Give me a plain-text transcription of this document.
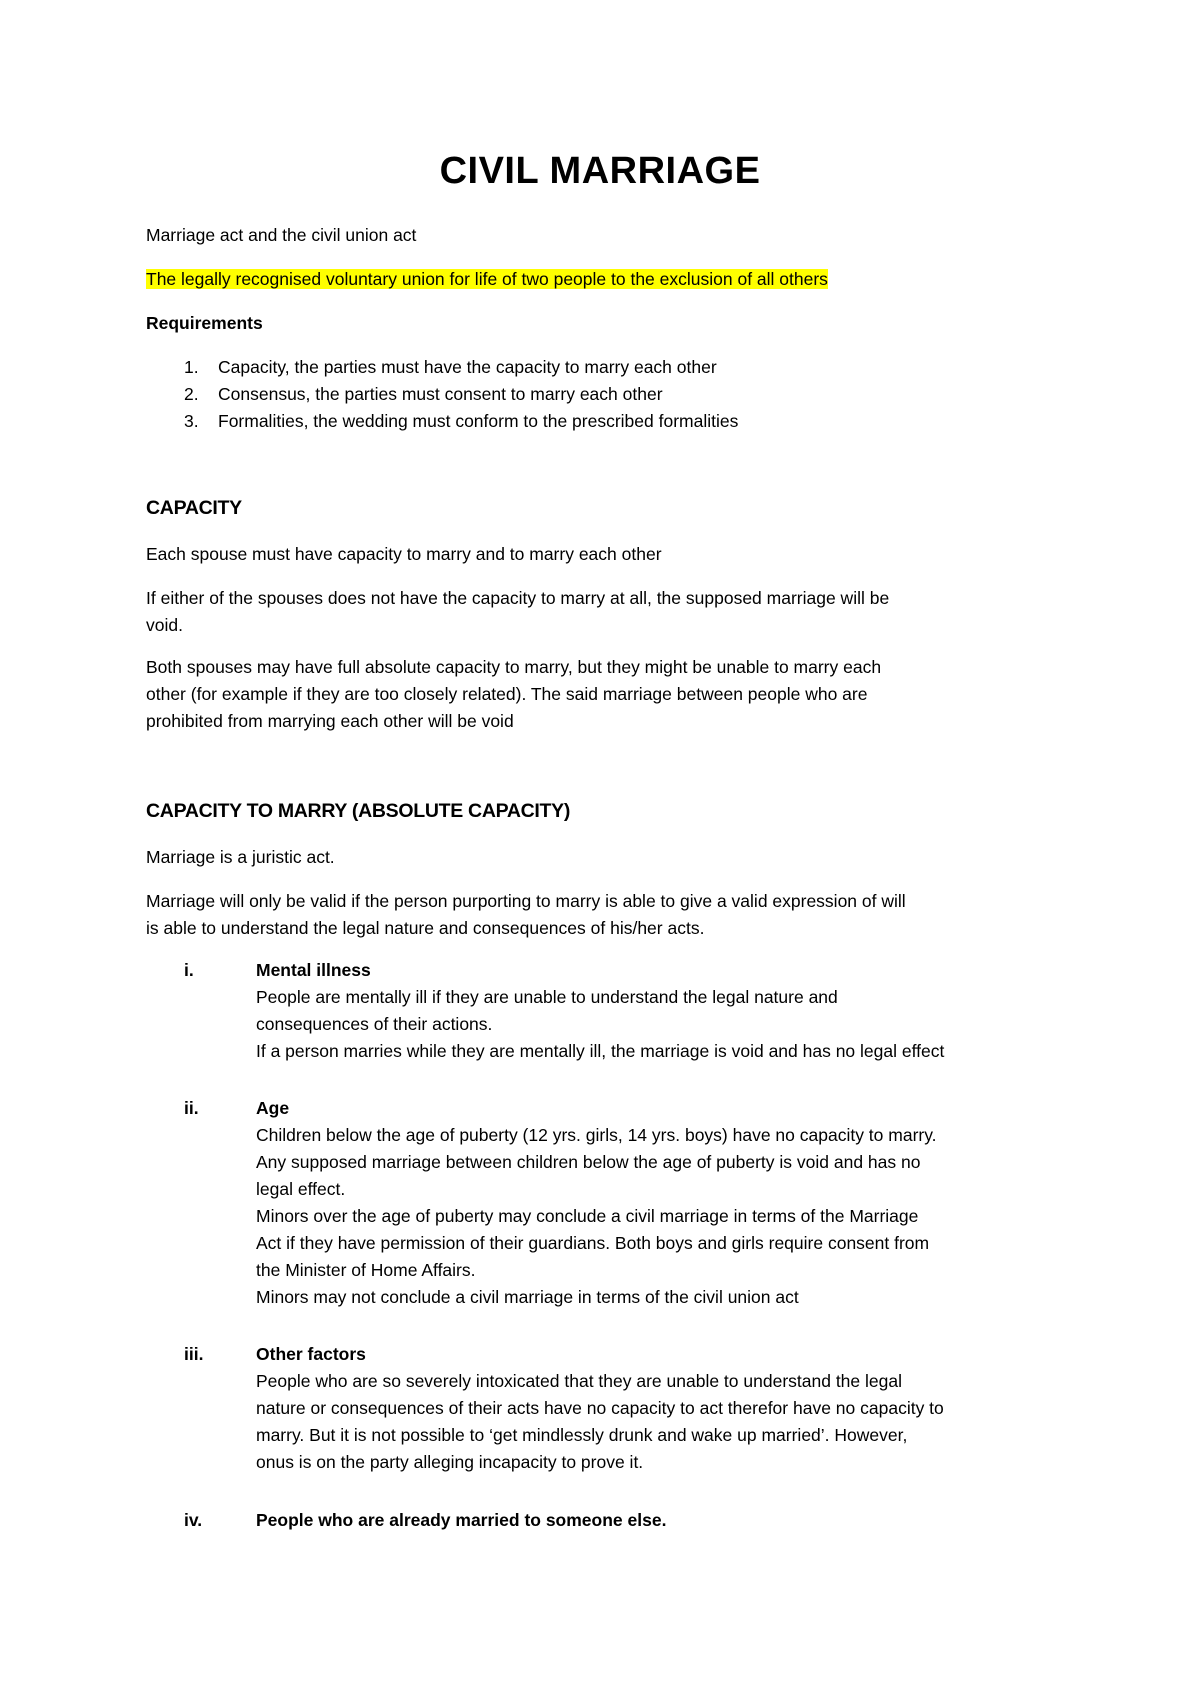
CIVIL MARRIAGE

Marriage act and the civil union act

The legally recognised voluntary union for life of two people to the exclusion of all others

Requirements

1. Capacity, the parties must have the capacity to marry each other
2. Consensus, the parties must consent to marry each other
3. Formalities, the wedding must conform to the prescribed formalities
CAPACITY

Each spouse must have capacity to marry and to marry each other

If either of the spouses does not have the capacity to marry at all, the supposed marriage will be
void.

Both spouses may have full absolute capacity to marry, but they might be unable to marry each
other (for example if they are too closely related). The said marriage between people who are
prohibited from marrying each other will be void

CAPACITY TO MARRY (ABSOLUTE CAPACITY)

Marriage is a juristic act.

Marriage will only be valid if the person purporting to marry is able to give a valid expression of will
is able to understand the legal nature and consequences of his/her acts.

i.	Mental illness
People are mentally ill if they are unable to understand the legal nature and
consequences of their actions.
If a person marries while they are mentally ill, the marriage is void and has no legal effect
ii.	Age
Children below the age of puberty (12 yrs. girls, 14 yrs. boys) have no capacity to marry.
Any supposed marriage between children below the age of puberty is void and has no
legal effect.
Minors over the age of puberty may conclude a civil marriage in terms of the Marriage
Act if they have permission of their guardians. Both boys and girls require consent from
the Minister of Home Affairs.
Minors may not conclude a civil marriage in terms of the civil union act
iii.	Other factors
People who are so severely intoxicated that they are unable to understand the legal
nature or consequences of their acts have no capacity to act therefor have no capacity to
marry. But it is not possible to ‘get mindlessly drunk and wake up married’. However,
onus is on the party alleging incapacity to prove it.
iv.	People who are already married to someone else.
